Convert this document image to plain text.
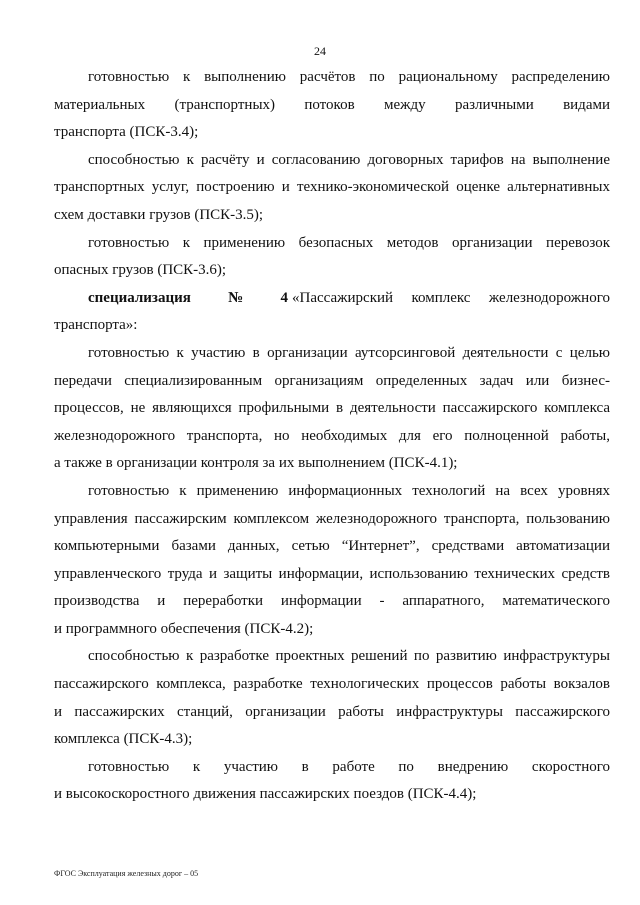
24
готовностью к выполнению расчётов по рациональному распределению
материальных (транспортных) потоков между различными видами
транспорта (ПСК-3.4);
способностью к расчёту и согласованию договорных тарифов на выполнение
транспортных услуг, построению и технико-экономической оценке альтернативных
схем доставки грузов (ПСК-3.5);
готовностью к применению безопасных методов организации перевозок
опасных грузов (ПСК-3.6);
специализация № 4 «Пассажирский комплекс железнодорожного
транспорта»:
готовностью к участию в организации аутсорсинговой деятельности с целью
передачи специализированным организациям определенных задач или бизнес-
процессов, не являющихся профильными в деятельности пассажирского комплекса
железнодорожного транспорта, но необходимых для его полноценной работы,
а также в организации контроля за их выполнением (ПСК-4.1);
готовностью к применению информационных технологий на всех уровнях
управления пассажирским комплексом железнодорожного транспорта, пользованию
компьютерными базами данных, сетью “Интернет”, средствами автоматизации
управленческого труда и защиты информации, использованию технических средств
производства и переработки информации - аппаратного, математического
и программного обеспечения (ПСК-4.2);
способностью к разработке проектных решений по развитию инфраструктуры
пассажирского комплекса, разработке технологических процессов работы вокзалов
и пассажирских станций, организации работы инфраструктуры пассажирского
комплекса (ПСК-4.3);
готовностью к участию в работе по внедрению скоростного
и высокоскоростного движения пассажирских поездов (ПСК-4.4);
ФГОС Эксплуатация железных дорог – 05
